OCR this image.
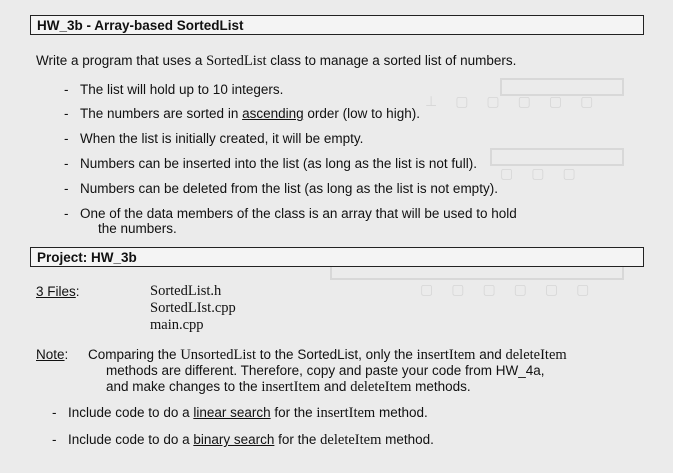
⊥▢▢▢▢▢
▢▢▢
▢▢▢▢▢▢
HW_3b - Array-based SortedList
Write a program that uses a SortedList class to manage a sorted list of numbers.
- The list will hold up to 10 integers.
- The numbers are sorted in ascending order (low to high).
- When the list is initially created, it will be empty.
- Numbers can be inserted into the list (as long as the list is not full).
- Numbers can be deleted from the list (as long as the list is not empty).
- One of the data members of the class is an array that will be used to hold
the numbers.
Project: HW_3b
3 Files:	SortedList.h
SortedLIst.cpp
main.cpp
Note: Comparing the UnsortedList to the SortedList, only the insertItem and deleteItem
methods are different. Therefore, copy and paste your code from HW_4a,
and make changes to the insertItem and deleteItem methods.
- Include code to do a linear search for the insertItem method.
- Include code to do a binary search for the deleteItem method.
